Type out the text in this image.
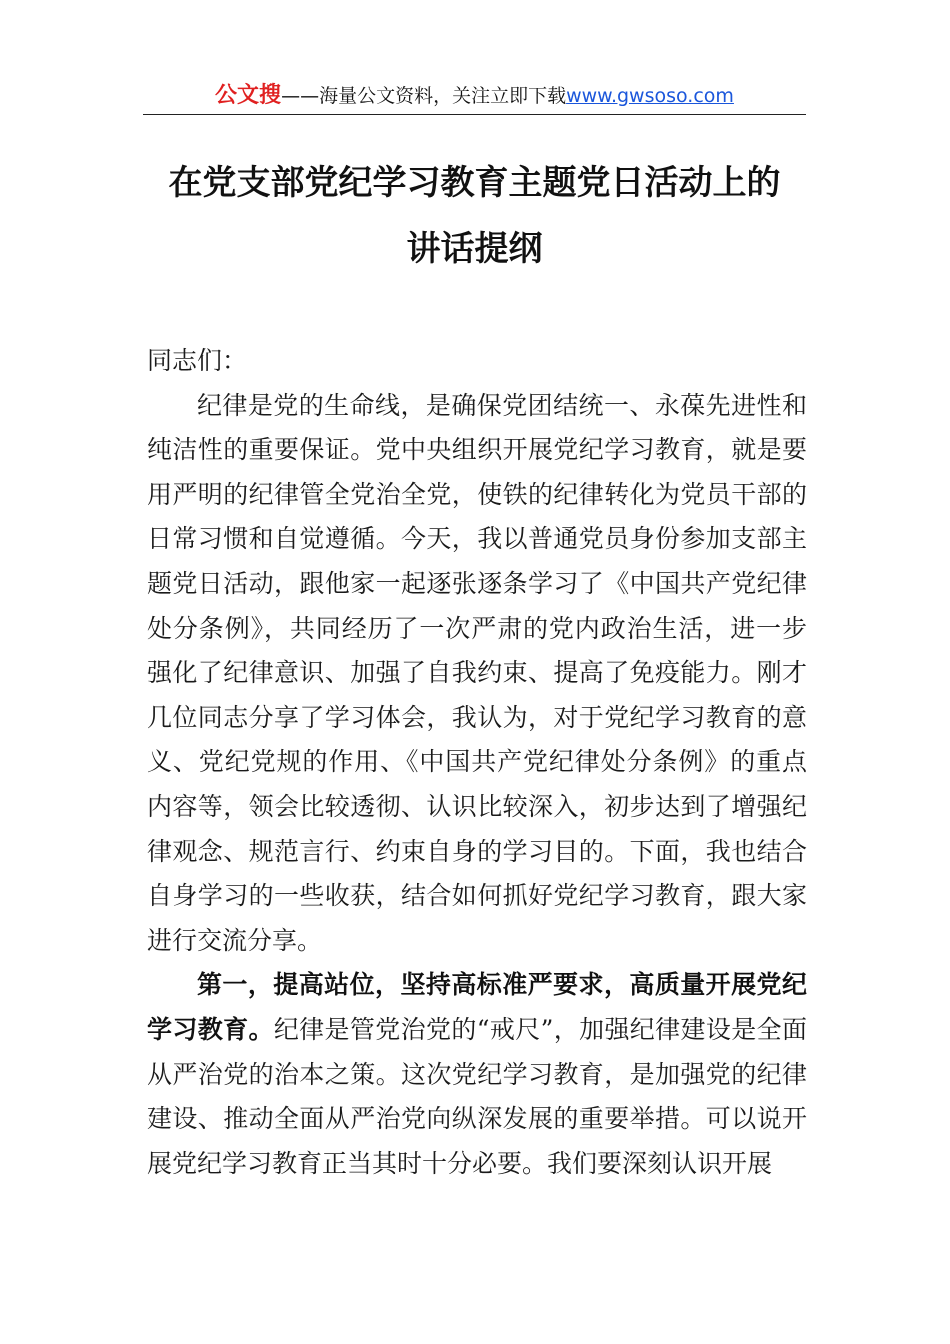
公文搜——海量公文资料，关注立即下载www.gwsoso.com
在党支部党纪学习教育主题党日活动上的
讲话提纲

同志们：

纪律是党的生命线，是确保党团结统一、永葆先进性和纯洁性的重要保证。党中央组织开展党纪学习教育，就是要用严明的纪律管全党治全党，使铁的纪律转化为党员干部的日常习惯和自觉遵循。今天，我以普通党员身份参加支部主题党日活动，跟他家一起逐张逐条学习了《中国共产党纪律处分条例》，共同经历了一次严肃的党内政治生活，进一步强化了纪律意识、加强了自我约束、提高了免疫能力。刚才几位同志分享了学习体会，我认为，对于党纪学习教育的意义、党纪党规的作用、《中国共产党纪律处分条例》的重点内容等，领会比较透彻、认识比较深入，初步达到了增强纪律观念、规范言行、约束自身的学习目的。下面，我也结合自身学习的一些收获，结合如何抓好党纪学习教育，跟大家进行交流分享。

第一，提高站位，坚持高标准严要求，高质量开展党纪学习教育。纪律是管党治党的“戒尺”，加强纪律建设是全面从严治党的治本之策。这次党纪学习教育，是加强党的纪律建设、推动全面从严治党向纵深发展的重要举措。可以说开展党纪学习教育正当其时十分必要。我们要深刻认识开展
